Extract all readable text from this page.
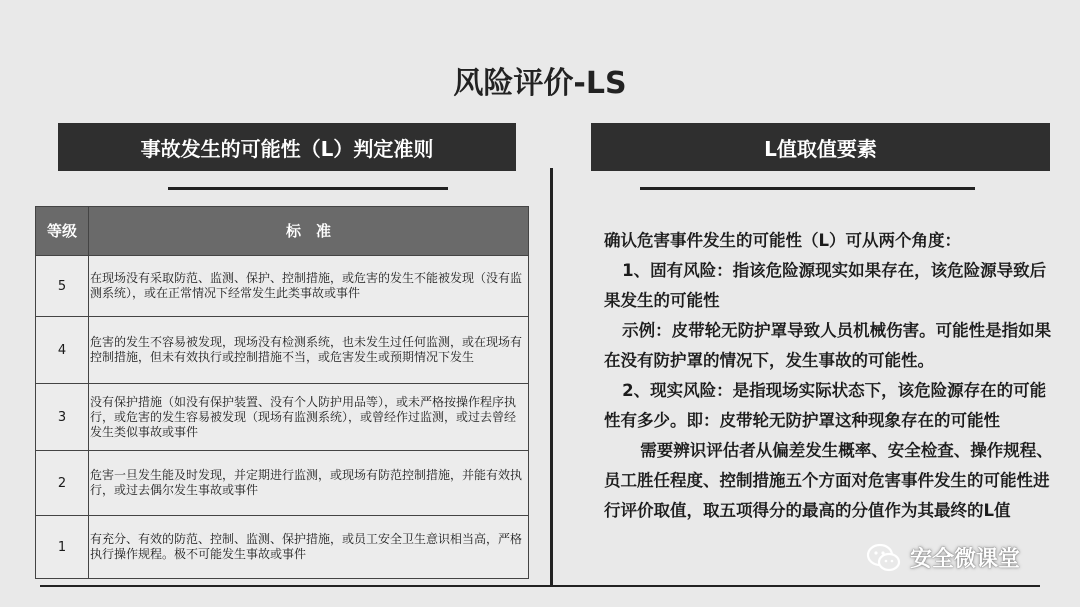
风险评价-LS
事故发生的可能性（L）判定准则	L值取值要素
等级	标　准
5	在现场没有采取防范、监测、保护、控制措施，或危害的发生不能被发现（没有监测系统），或在正常情况下经常发生此类事故或事件
4	危害的发生不容易被发现，现场没有检测系统，也未发生过任何监测，或在现场有控制措施，但未有效执行或控制措施不当，或危害发生或预期情况下发生
3	没有保护措施（如没有保护装置、没有个人防护用品等），或未严格按操作程序执行，或危害的发生容易被发现（现场有监测系统），或曾经作过监测，或过去曾经发生类似事故或事件
2	危害一旦发生能及时发现，并定期进行监测，或现场有防范控制措施，并能有效执行，或过去偶尔发生事故或事件
1	有充分、有效的防范、控制、监测、保护措施，或员工安全卫生意识相当高，严格执行操作规程。极不可能发生事故或事件

确认危害事件发生的可能性（L）可从两个角度：

1、固有风险：指该危险源现实如果存在，该危险源导致后果发生的可能性

示例：皮带轮无防护罩导致人员机械伤害。可能性是指如果在没有防护罩的情况下，发生事故的可能性。

2、现实风险：是指现场实际状态下，该危险源存在的可能性有多少。即：皮带轮无防护罩这种现象存在的可能性

需要辨识评估者从偏差发生概率、安全检查、操作规程、员工胜任程度、控制措施五个方面对危害事件发生的可能性进行评价取值，取五项得分的最高的分值作为其最终的L值

安全微课堂
